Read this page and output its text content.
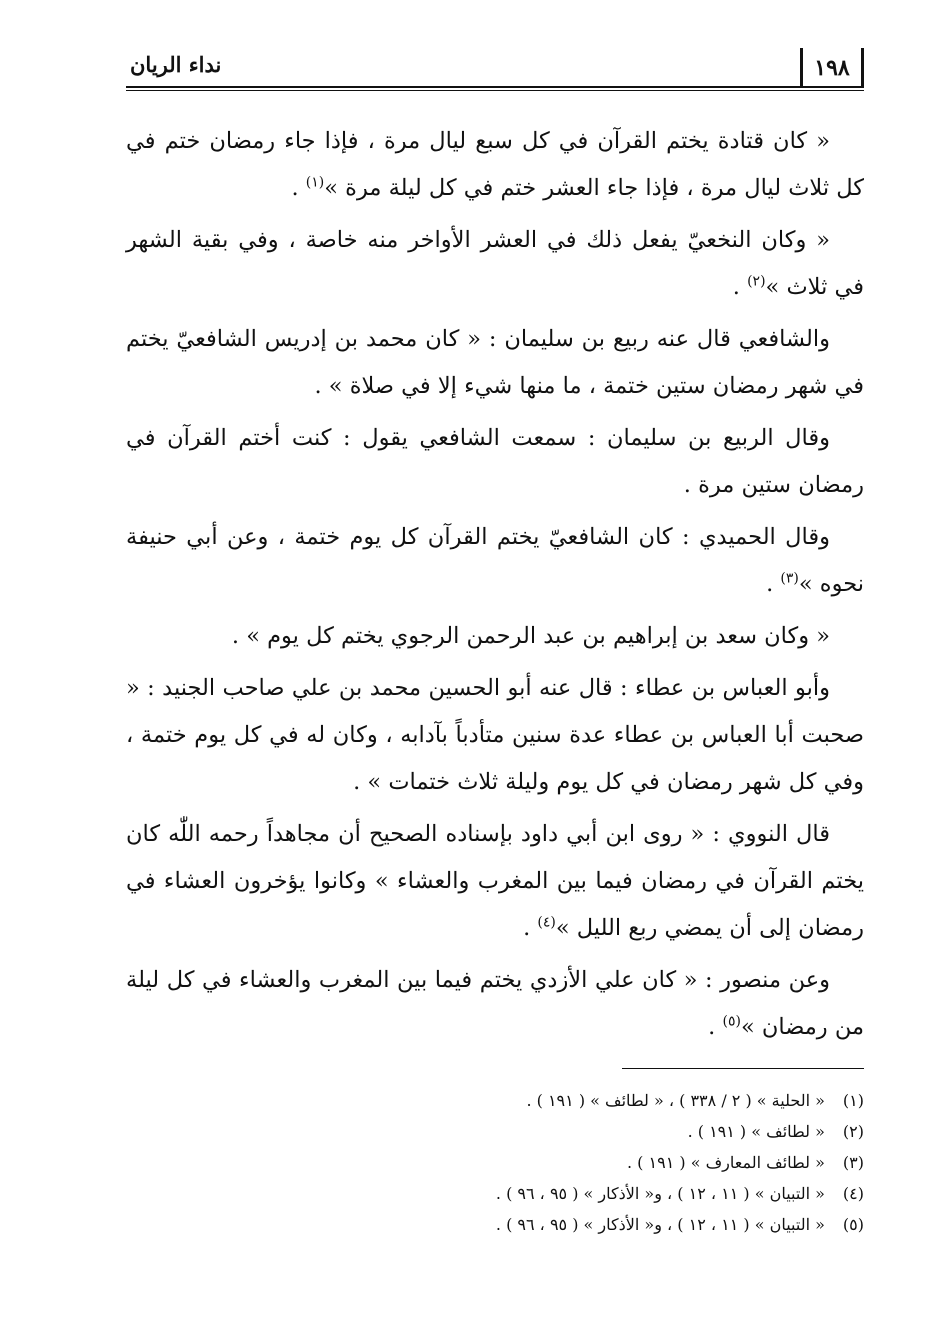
١٩٨
نداء الريان

« كان قتادة يختم القرآن في كل سبع ليال مرة ، فإذا جاء رمضان ختم في كل ثلاث ليال مرة ، فإذا جاء العشر ختم في كل ليلة مرة »$^{(١)}$ .

« وكان النخعيّ يفعل ذلك في العشر الأواخر منه خاصة ، وفي بقية الشهر في ثلاث »$^{(٢)}$ .

والشافعي قال عنه ربيع بن سليمان : « كان محمد بن إدريس الشافعيّ يختم في شهر رمضان ستين ختمة ، ما منها شيء إلا في صلاة » .

وقال الربيع بن سليمان : سمعت الشافعي يقول : كنت أختم القرآن في رمضان ستين مرة .

وقال الحميدي : كان الشافعيّ يختم القرآن كل يوم ختمة ، وعن أبي حنيفة نحوه »$^{(٣)}$ .

« وكان سعد بن إبراهيم بن عبد الرحمن الرجوي يختم كل يوم » .

وأبو العباس بن عطاء : قال عنه أبو الحسين محمد بن علي صاحب الجنيد : « صحبت أبا العباس بن عطاء عدة سنين متأدباً بآدابه ، وكان له في كل يوم ختمة ، وفي كل شهر رمضان في كل يوم وليلة ثلاث ختمات » .

قال النووي : « روى ابن أبي داود بإسناده الصحيح أن مجاهداً رحمه اللّٰه كان يختم القرآن في رمضان فيما بين المغرب والعشاء » وكانوا يؤخرون العشاء في رمضان إلى أن يمضي ربع الليل »$^{(٤)}$ .

وعن منصور : « كان علي الأزدي يختم فيما بين المغرب والعشاء في كل ليلة من رمضان »$^{(٥)}$ .

(١) « الحلية » ( ٢ / ٣٣٨ ) ، « لطائف » ( ١٩١ ) .

(٢) « لطائف » ( ١٩١ ) .

(٣) « لطائف المعارف » ( ١٩١ ) .

(٤) « التبيان » ( ١١ ، ١٢ ) ، و« الأذكار » ( ٩٥ ، ٩٦ ) .

(٥) « التبيان » ( ١١ ، ١٢ ) ، و« الأذكار » ( ٩٥ ، ٩٦ ) .
